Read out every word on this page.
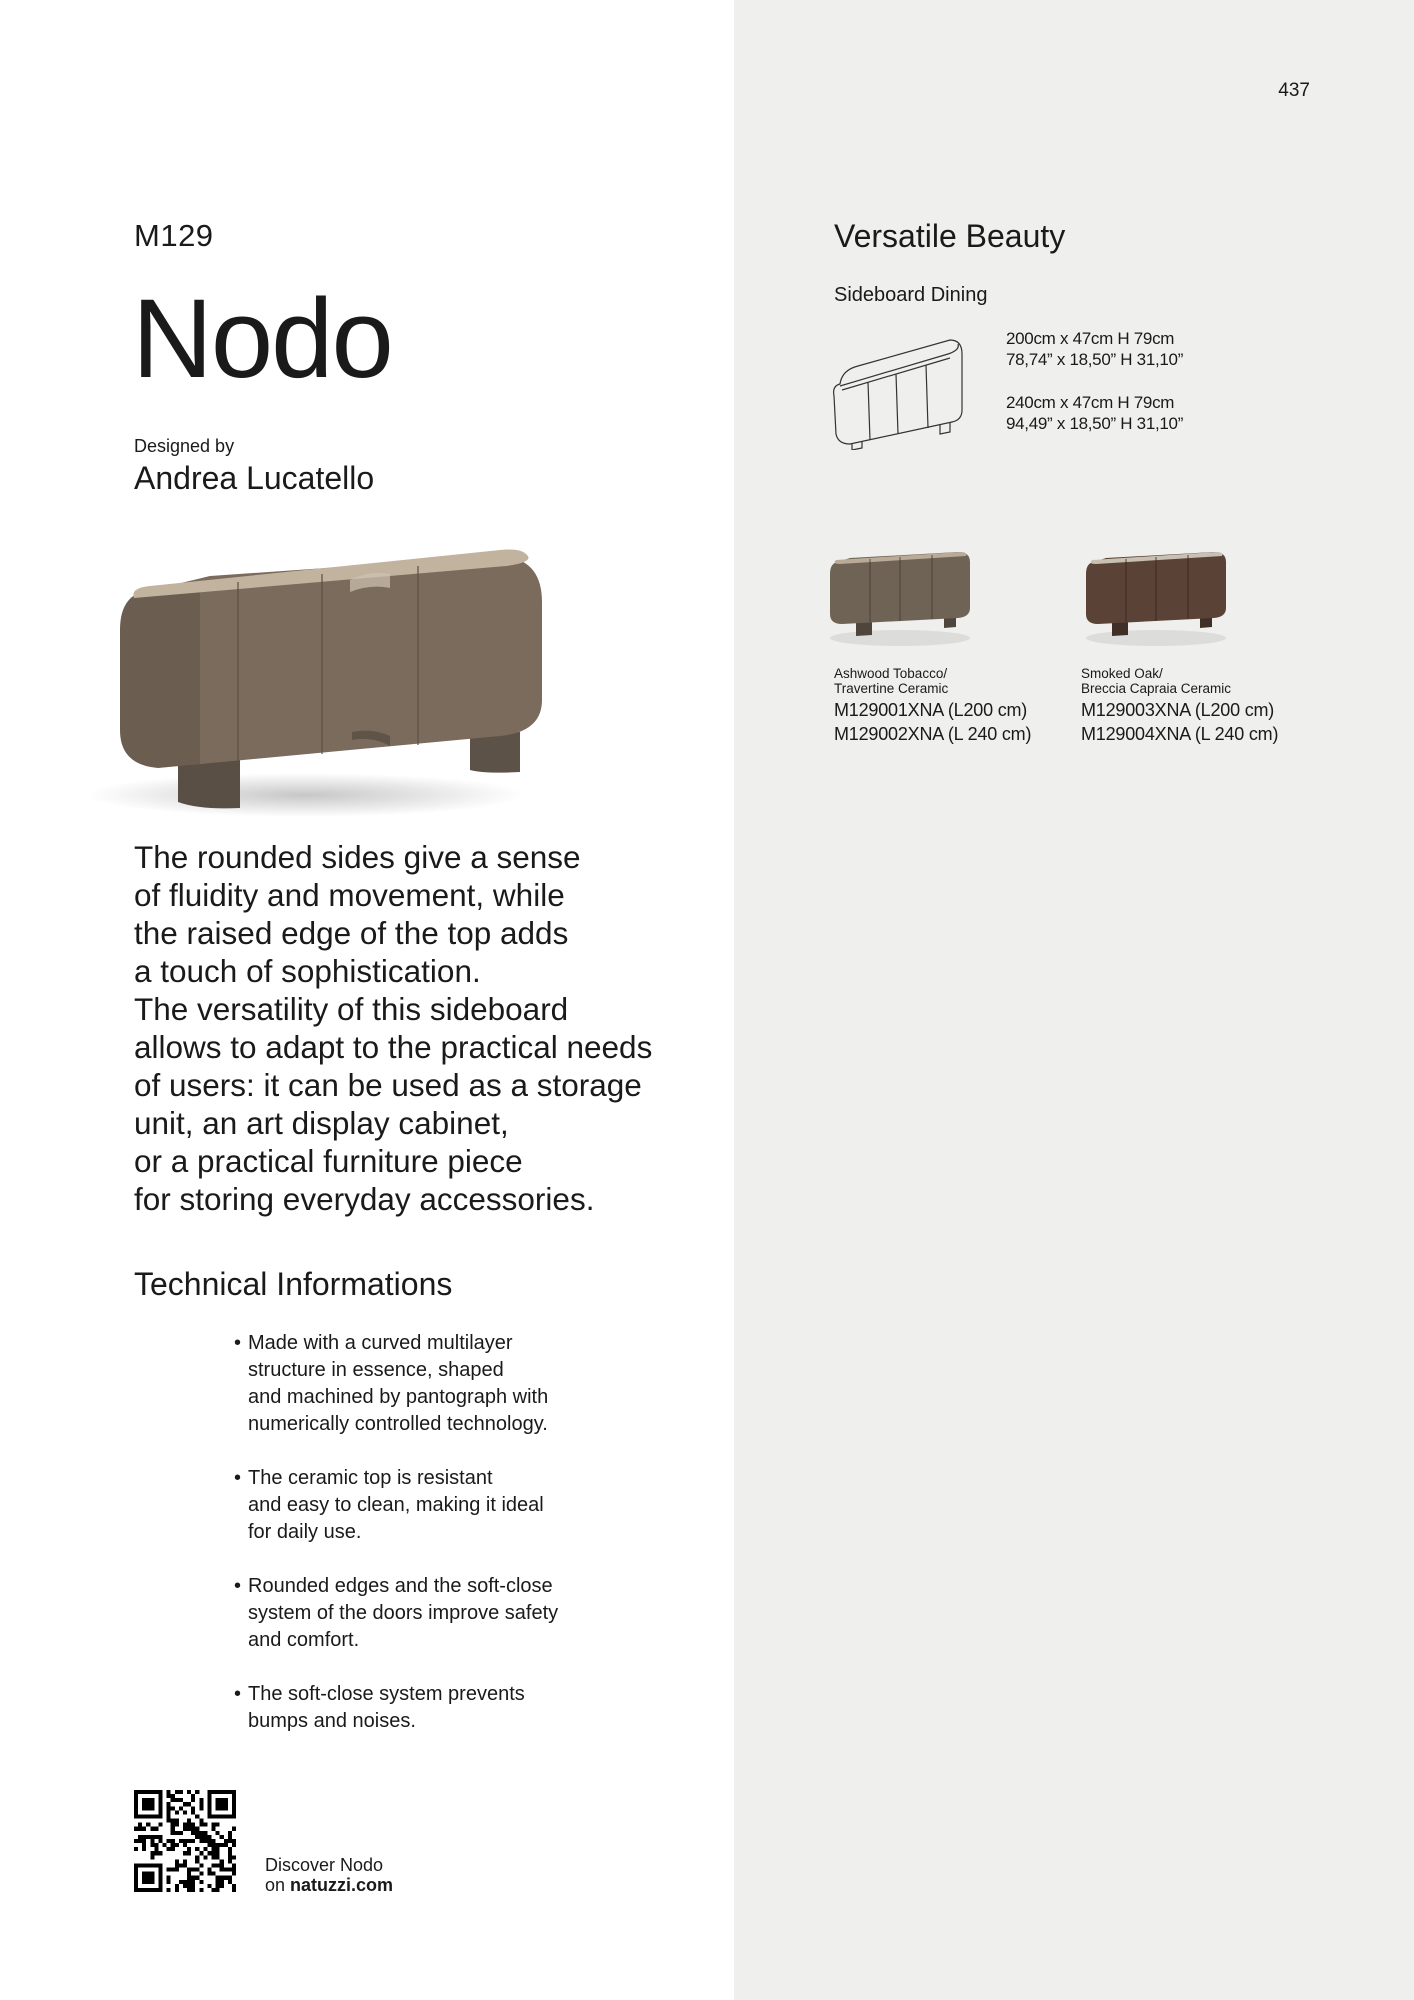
437
M129
Nodo
Designed by
Andrea Lucatello

The rounded sides give a sense

of fluidity and movement, while

the raised edge of the top adds

a touch of sophistication.

The versatility of this sideboard

allows to adapt to the practical needs

of users: it can be used as a storage

unit, an art display cabinet,

or a practical furniture piece

for storing everyday accessories.

Technical Informations
• Made with a curved multilayer
structure in essence, shaped
and machined by pantograph with
numerically controlled technology.
• The ceramic top is resistant
and easy to clean, making it ideal
for daily use.
• Rounded edges and the soft-close
system of the doors improve safety
and comfort.
• The soft-close system prevents
bumps and noises.
Discover Nodo
on natuzzi.com
Versatile Beauty
Sideboard Dining
200cm x 47cm H 79cm
78,74” x 18,50” H 31,10”
240cm x 47cm H 79cm
94,49” x 18,50” H 31,10”
Ashwood Tobacco/
Travertine Ceramic
M129001XNA (L200 cm)
M129002XNA (L 240 cm)
Smoked Oak/
Breccia Capraia Ceramic
M129003XNA (L200 cm)
M129004XNA (L 240 cm)
